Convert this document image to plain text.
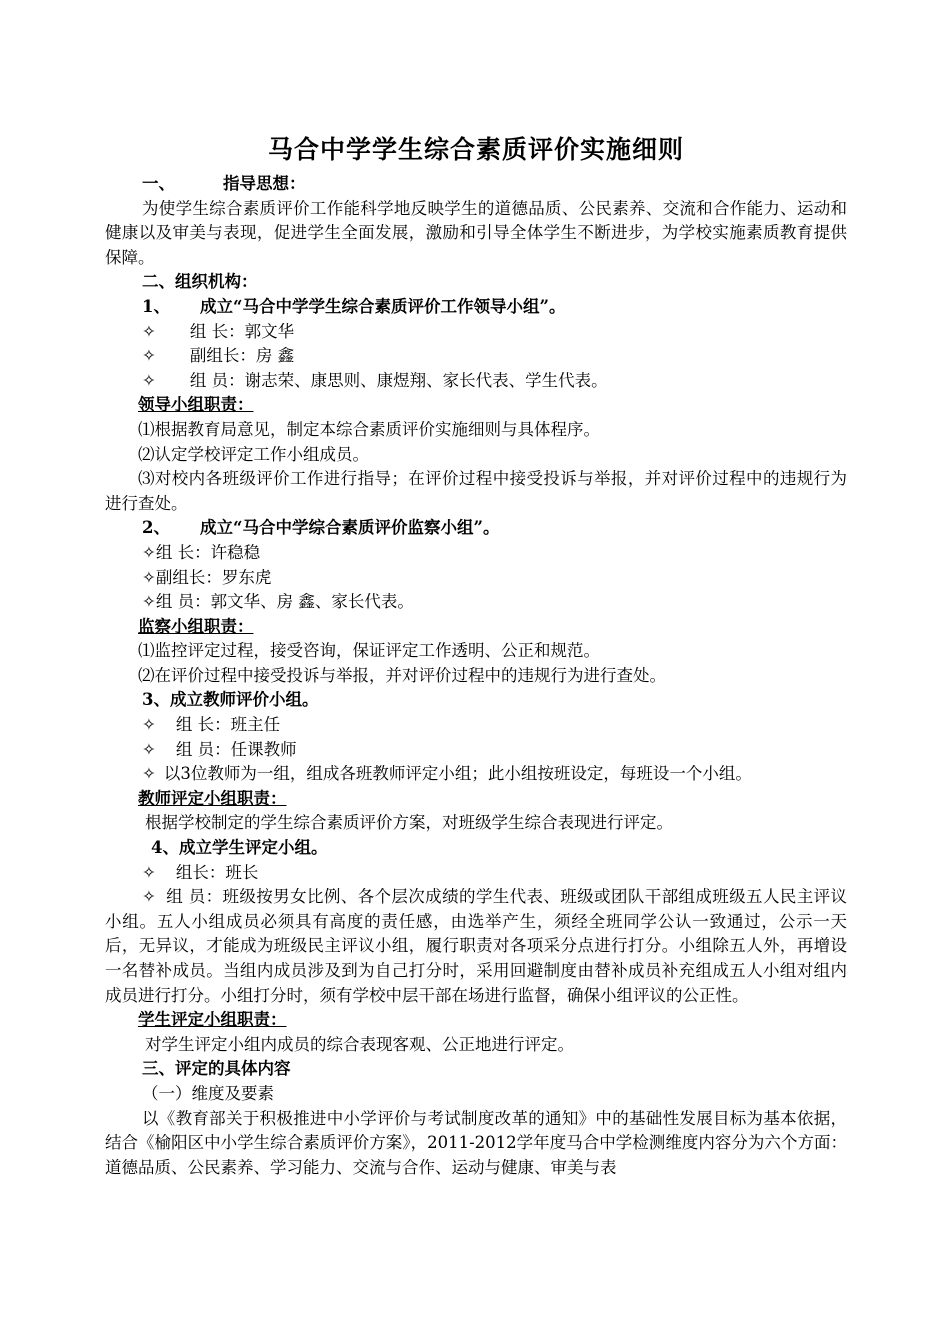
马合中学学生综合素质评价实施细则
一、	指导思想：
为使学生综合素质评价工作能科学地反映学生的道德品质、公民素养、交流和合作能力、运动和健康以及审美与表现，促进学生全面发展，激励和引导全体学生不断进步，为学校实施素质教育提供保障。
二、组织机构：
1、 成立“马合中学学生综合素质评价工作领导小组”。
✧ 组 长：郭文华
✧ 副组长：房 鑫
✧ 组 员：谢志荣、康思则、康煜翔、家长代表、学生代表。
领导小组职责：
⑴根据教育局意见，制定本综合素质评价实施细则与具体程序。
⑵认定学校评定工作小组成员。
⑶对校内各班级评价工作进行指导；在评价过程中接受投诉与举报，并对评价过程中的违规行为进行查处。
2、 成立“马合中学综合素质评价监察小组”。
✧组 长：许稳稳
✧副组长：罗东虎
✧组 员：郭文华、房 鑫、家长代表。
监察小组职责：
⑴监控评定过程，接受咨询，保证评定工作透明、公正和规范。
⑵在评价过程中接受投诉与举报，并对评价过程中的违规行为进行查处。
3、成立教师评价小组。
✧ 组 长：班主任
✧ 组 员：任课教师
✧ 以3位教师为一组，组成各班教师评定小组；此小组按班设定，每班设一个小组。
教师评定小组职责：
根据学校制定的学生综合素质评价方案，对班级学生综合表现进行评定。
4、成立学生评定小组。
✧ 组长：班长
✧ 组 员：班级按男女比例、各个层次成绩的学生代表、班级或团队干部组成班级五人民主评议小组。五人小组成员必须具有高度的责任感，由选举产生，须经全班同学公认一致通过，公示一天后，无异议，才能成为班级民主评议小组，履行职责对各项采分点进行打分。小组除五人外，再增设一名替补成员。当组内成员涉及到为自己打分时，采用回避制度由替补成员补充组成五人小组对组内成员进行打分。小组打分时，须有学校中层干部在场进行监督，确保小组评议的公正性。
学生评定小组职责：
对学生评定小组内成员的综合表现客观、公正地进行评定。
三、评定的具体内容
（一）维度及要素
以《教育部关于积极推进中小学评价与考试制度改革的通知》中的基础性发展目标为基本依据，结合《榆阳区中小学生综合素质评价方案》，2011-2012学年度马合中学检测维度内容分为六个方面：道德品质、公民素养、学习能力、交流与合作、运动与健康、审美与表
